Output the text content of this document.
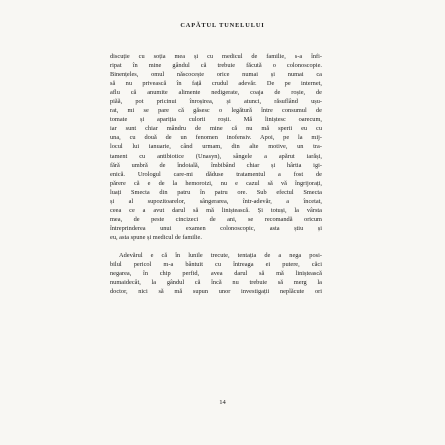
CAPĂTUL TUNELULUI
discuție cu soția mea și cu medicul de familie, s-a înfi-
ripat în mine gândul că trebuie făcută o colonoscopie.
Binențeles, omul născocește orice numai și numai ca
să nu privească în față crudul adevăr. De pe internet,
aflu că anumite alimente nedigerate, coaja de roșie, de
piăă, pot pricinui înroșirea, și atunci, răsuflând ușu-
rat, mi se pare că găsesc o legătură între consumul de
tomate și apariția culorii roșii. Mă liniștesc oarecum,
iar sunt chiar mândru de mine că nu mă sperii eu cu
una, cu două de un fenomen inofensiv. Apoi, pe la mij-
locul lui ianuarie, când urmam, din alte motive, un tra-
tament cu antibiotice (Unasyn), sângele a apărut iarăși,
fără umbră de îndoială, îmbibând chiar și hârtia igi-
enică. Urologul care-mi dăduse tratamentul a fost de
părere că e de la hemoroizi, nu e cazul să vă îngrijorați,
luați Smecta din patru în patru ore. Sub efectul Smecta
și al supozitoarelor, sângerarea, într-adevăr, a încetat,
ceea ce a avut darul să mă liniștească. Și totuși, la vârsta
mea, de peste cincizeci de ani, se recomandă oricum
întreprinderea unui examen colonoscopic, asta știu și
eu, asta spune și medicul de familie.
Adevărul e că în lunile trecute, tentația de a nega posi-
bilul pericol m-a bântuit cu întreaga ei putere, căci
negarea, în chip perfid, avea darul să mă liniștească
numaidecât, la gândul că încă nu trebuie să merg la
doctor, nici să mă supun unor investigații neplăcute ori
14
